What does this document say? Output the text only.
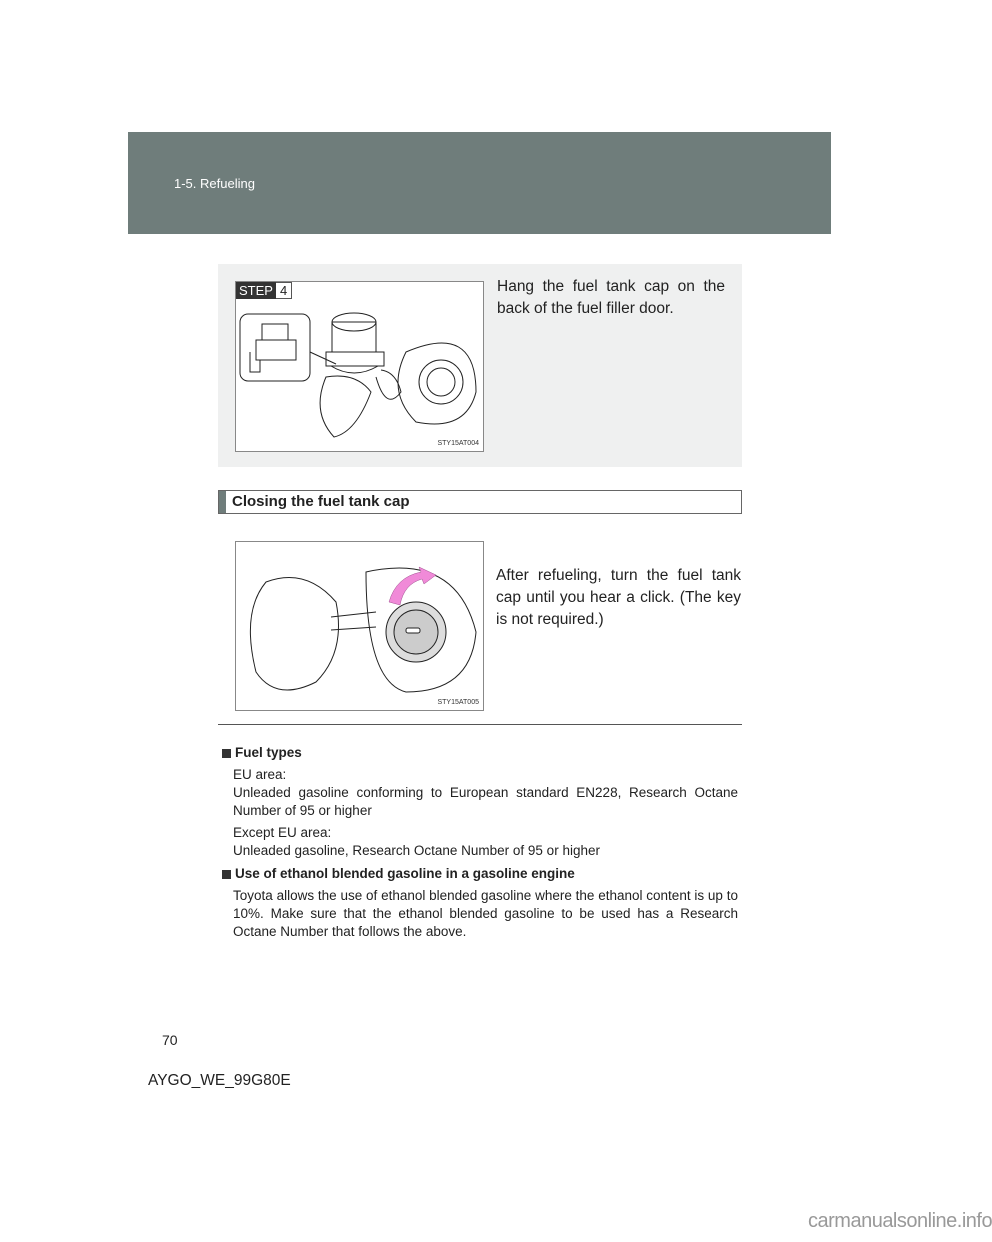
1-5. Refueling
STEP 4
STY15AT004
Hang the fuel tank cap on the back of the fuel filler door.
Closing the fuel tank cap
STY15AT005
After refueling, turn the fuel tank cap until you hear a click. (The key is not required.)
Fuel types

EU area:
Unleaded gasoline conforming to European standard EN228, Research Octane Number of 95 or higher

Except EU area:
Unleaded gasoline, Research Octane Number of 95 or higher

Use of ethanol blended gasoline in a gasoline engine

Toyota allows the use of ethanol blended gasoline where the ethanol content is up to 10%. Make sure that the ethanol blended gasoline to be used has a Research Octane Number that follows the above.

70
AYGO_WE_99G80E
carmanualsonline.info
